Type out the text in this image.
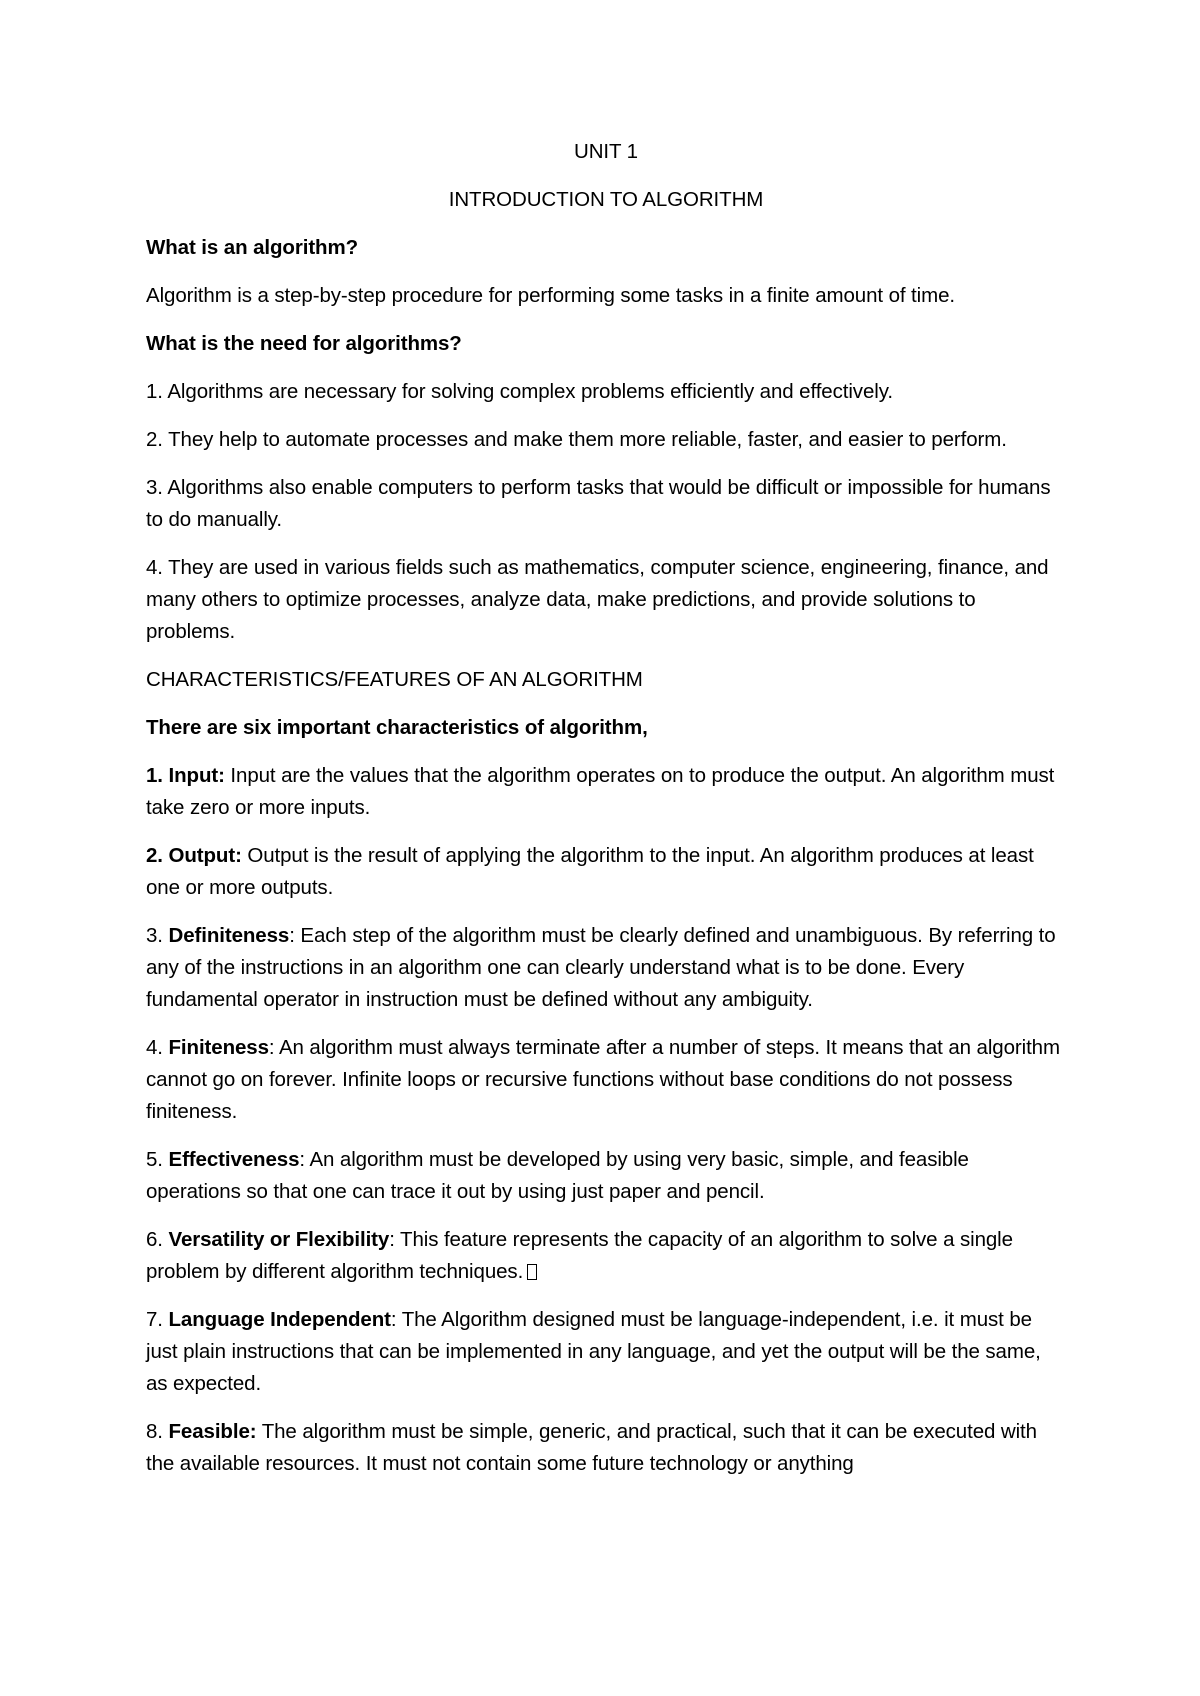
UNIT 1
INTRODUCTION TO ALGORITHM

What is an algorithm?

Algorithm is a step-by-step procedure for performing some tasks in a finite amount of time.

What is the need for algorithms?

1. Algorithms are necessary for solving complex problems efficiently and effectively.

2. They help to automate processes and make them more reliable, faster, and easier to perform.

3. Algorithms also enable computers to perform tasks that would be difficult or impossible for humans to do manually.

4. They are used in various fields such as mathematics, computer science, engineering, finance, and many others to optimize processes, analyze data, make predictions, and provide solutions to problems.

CHARACTERISTICS/FEATURES OF AN ALGORITHM

There are six important characteristics of algorithm,

1. Input: Input are the values that the algorithm operates on to produce the output. An algorithm must take zero or more inputs.

2. Output: Output is the result of applying the algorithm to the input. An algorithm produces at least one or more outputs.

3. Definiteness: Each step of the algorithm must be clearly defined and unambiguous. By referring to any of the instructions in an algorithm one can clearly understand what is to be done. Every fundamental operator in instruction must be defined without any ambiguity.

4. Finiteness: An algorithm must always terminate after a number of steps. It means that an algorithm cannot go on forever. Infinite loops or recursive functions without base conditions do not possess finiteness.

5. Effectiveness: An algorithm must be developed by using very basic, simple, and feasible operations so that one can trace it out by using just paper and pencil.

6. Versatility or Flexibility: This feature represents the capacity of an algorithm to solve a single problem by different algorithm techniques.

7. Language Independent: The Algorithm designed must be language-independent, i.e. it must be just plain instructions that can be implemented in any language, and yet the output will be the same, as expected.

8. Feasible: The algorithm must be simple, generic, and practical, such that it can be executed with the available resources. It must not contain some future technology or anything
